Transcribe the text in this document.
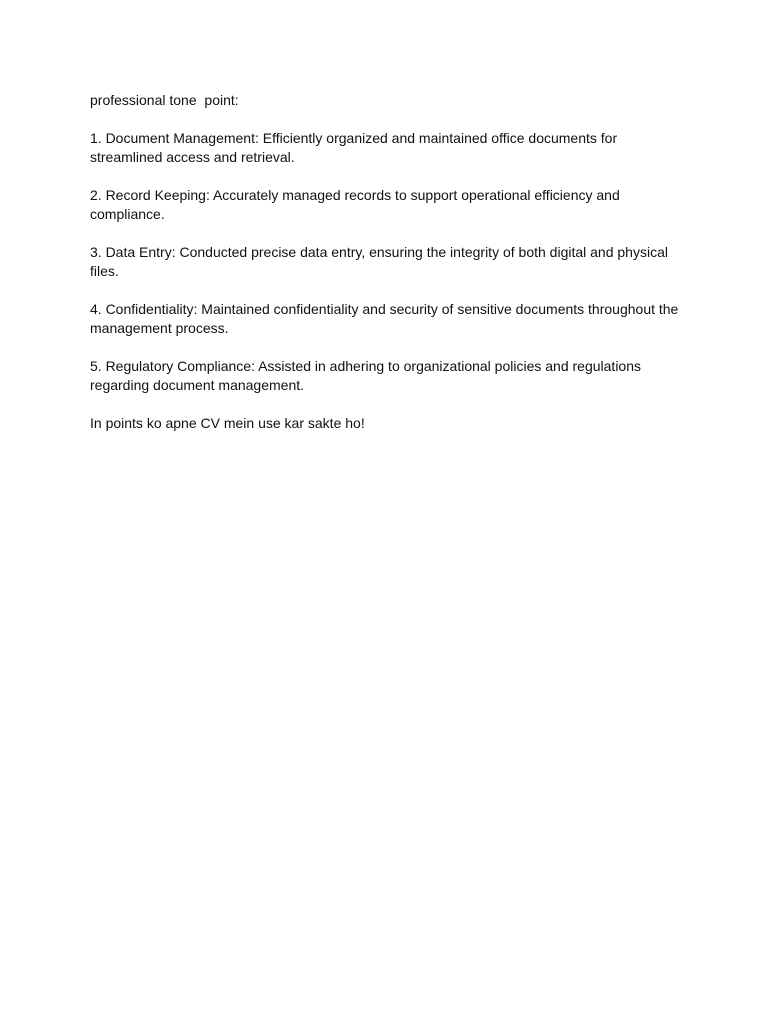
professional tone  point:

1. Document Management: Efficiently organized and maintained office documents for streamlined access and retrieval.

2. Record Keeping: Accurately managed records to support operational efficiency and compliance.

3. Data Entry: Conducted precise data entry, ensuring the integrity of both digital and physical files.

4. Confidentiality: Maintained confidentiality and security of sensitive documents throughout the management process.

5. Regulatory Compliance: Assisted in adhering to organizational policies and regulations regarding document management.

In points ko apne CV mein use kar sakte ho!
